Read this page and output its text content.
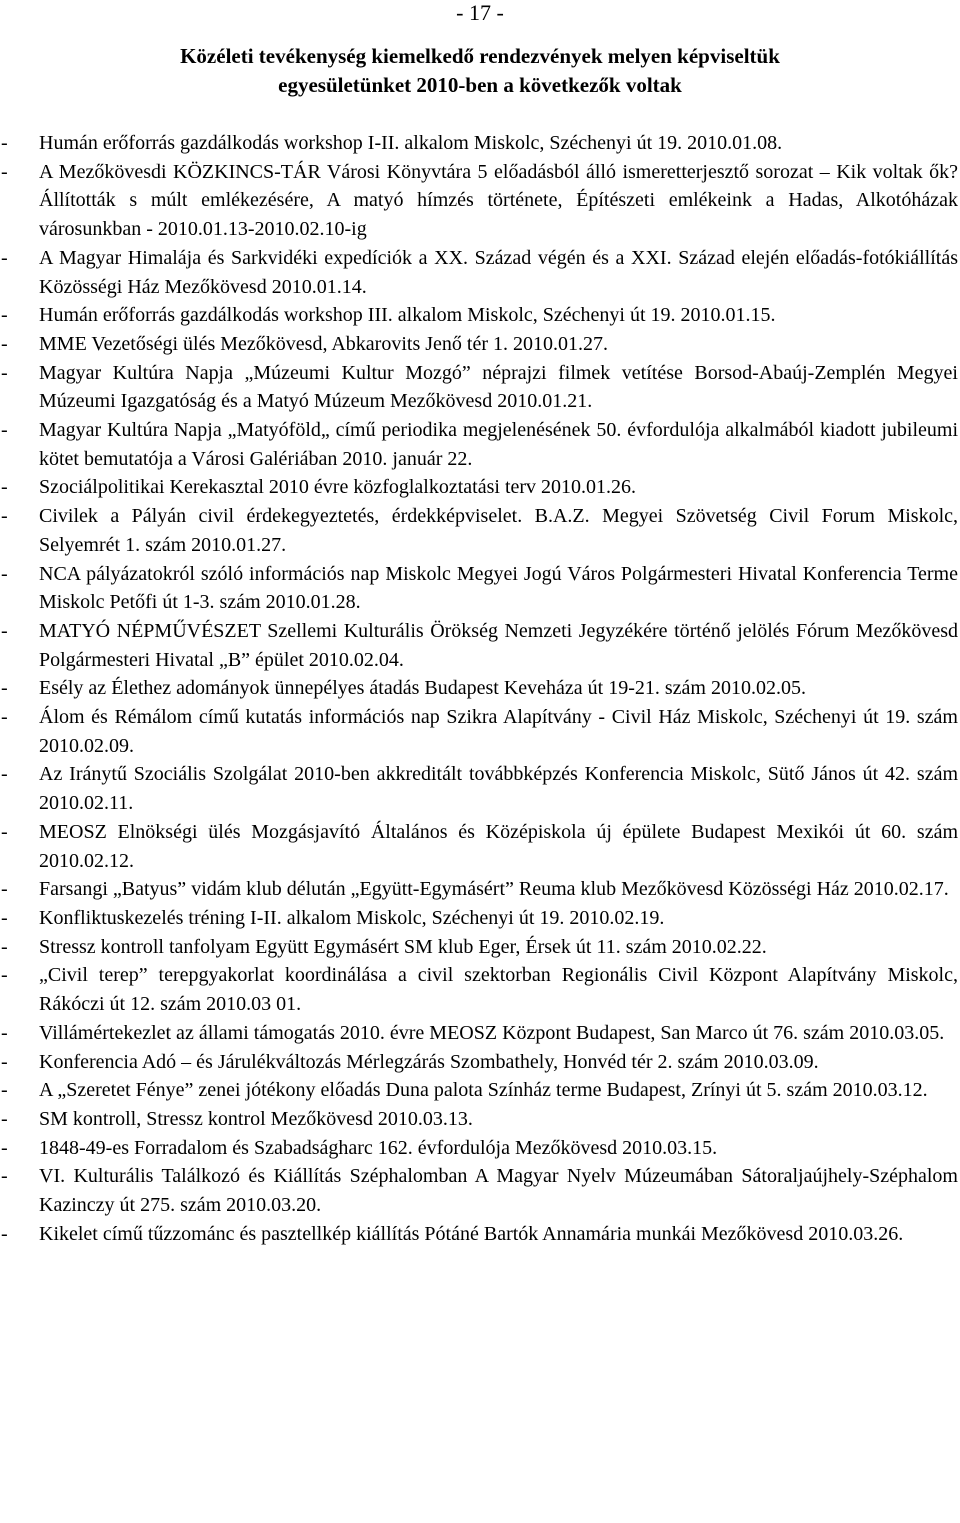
- 17 -
Közéleti tevékenység kiemelkedő rendezvények melyen képviseltük
egyesületünket 2010-ben a következők voltak
- Humán erőforrás gazdálkodás workshop I-II. alkalom Miskolc, Széchenyi út 19. 2010.01.08.
- A Mezőkövesdi KÖZKINCS-TÁR Városi Könyvtára 5 előadásból álló ismeretterjesztő sorozat – Kik voltak ők? Állították s múlt emlékezésére, A matyó hímzés története, Építészeti emlékeink a Hadas, Alkotóházak városunkban - 2010.01.13-2010.02.10-ig
- A Magyar Himalája és Sarkvidéki expedíciók a XX. Század végén és a XXI. Század elején előadás-fotókiállítás Közösségi Ház Mezőkövesd 2010.01.14.
- Humán erőforrás gazdálkodás workshop III. alkalom Miskolc, Széchenyi út 19. 2010.01.15.
- MME Vezetőségi ülés Mezőkövesd, Abkarovits Jenő tér 1. 2010.01.27.
- Magyar Kultúra Napja „Múzeumi Kultur Mozgó” néprajzi filmek vetítése Borsod-Abaúj-Zemplén Megyei Múzeumi Igazgatóság és a Matyó Múzeum Mezőkövesd 2010.01.21.
- Magyar Kultúra Napja „Matyóföld„ című periodika megjelenésének 50. évfordulója alkalmából kiadott jubileumi kötet bemutatója a Városi Galériában 2010. január 22.
- Szociálpolitikai Kerekasztal 2010 évre közfoglalkoztatási terv 2010.01.26.
- Civilek a Pályán civil érdekegyeztetés, érdekképviselet. B.A.Z. Megyei Szövetség Civil Forum Miskolc, Selyemrét 1. szám 2010.01.27.
- NCA pályázatokról szóló információs nap Miskolc Megyei Jogú Város Polgármesteri Hivatal Konferencia Terme Miskolc Petőfi út 1-3. szám 2010.01.28.
- MATYÓ NÉPMŰVÉSZET Szellemi Kulturális Örökség Nemzeti Jegyzékére történő jelölés Fórum Mezőkövesd Polgármesteri Hivatal „B” épület 2010.02.04.
- Esély az Élethez adományok ünnepélyes átadás Budapest Keveháza út 19-21. szám 2010.02.05.
- Álom és Rémálom című kutatás információs nap Szikra Alapítvány - Civil Ház Miskolc, Széchenyi út 19. szám 2010.02.09.
- Az Iránytű Szociális Szolgálat 2010-ben akkreditált továbbképzés Konferencia Miskolc, Sütő János út 42. szám 2010.02.11.
- MEOSZ Elnökségi ülés Mozgásjavító Általános és Középiskola új épülete Budapest Mexikói út 60. szám 2010.02.12.
- Farsangi „Batyus” vidám klub délután „Együtt-Egymásért” Reuma klub Mezőkövesd Közösségi Ház 2010.02.17.
- Konfliktuskezelés tréning I-II. alkalom Miskolc, Széchenyi út 19. 2010.02.19.
- Stressz kontroll tanfolyam Együtt Egymásért SM klub Eger, Érsek út 11. szám 2010.02.22.
- „Civil terep” terepgyakorlat koordinálása a civil szektorban Regionális Civil Központ Alapítvány Miskolc, Rákóczi út 12. szám 2010.03 01.
- Villámértekezlet az állami támogatás 2010. évre MEOSZ Központ Budapest, San Marco út 76. szám 2010.03.05.
- Konferencia Adó – és Járulékváltozás Mérlegzárás Szombathely, Honvéd tér 2. szám 2010.03.09.
- A „Szeretet Fénye” zenei jótékony előadás Duna palota Színház terme Budapest, Zrínyi út 5. szám 2010.03.12.
- SM kontroll, Stressz kontrol Mezőkövesd 2010.03.13.
- 1848-49-es Forradalom és Szabadságharc 162. évfordulója Mezőkövesd 2010.03.15.
- VI. Kulturális Találkozó és Kiállítás Széphalomban A Magyar Nyelv Múzeumában Sátoraljaújhely-Széphalom Kazinczy út 275. szám 2010.03.20.
- Kikelet című tűzzománc és pasztellkép kiállítás Pótáné Bartók Annamária munkái Mezőkövesd 2010.03.26.
